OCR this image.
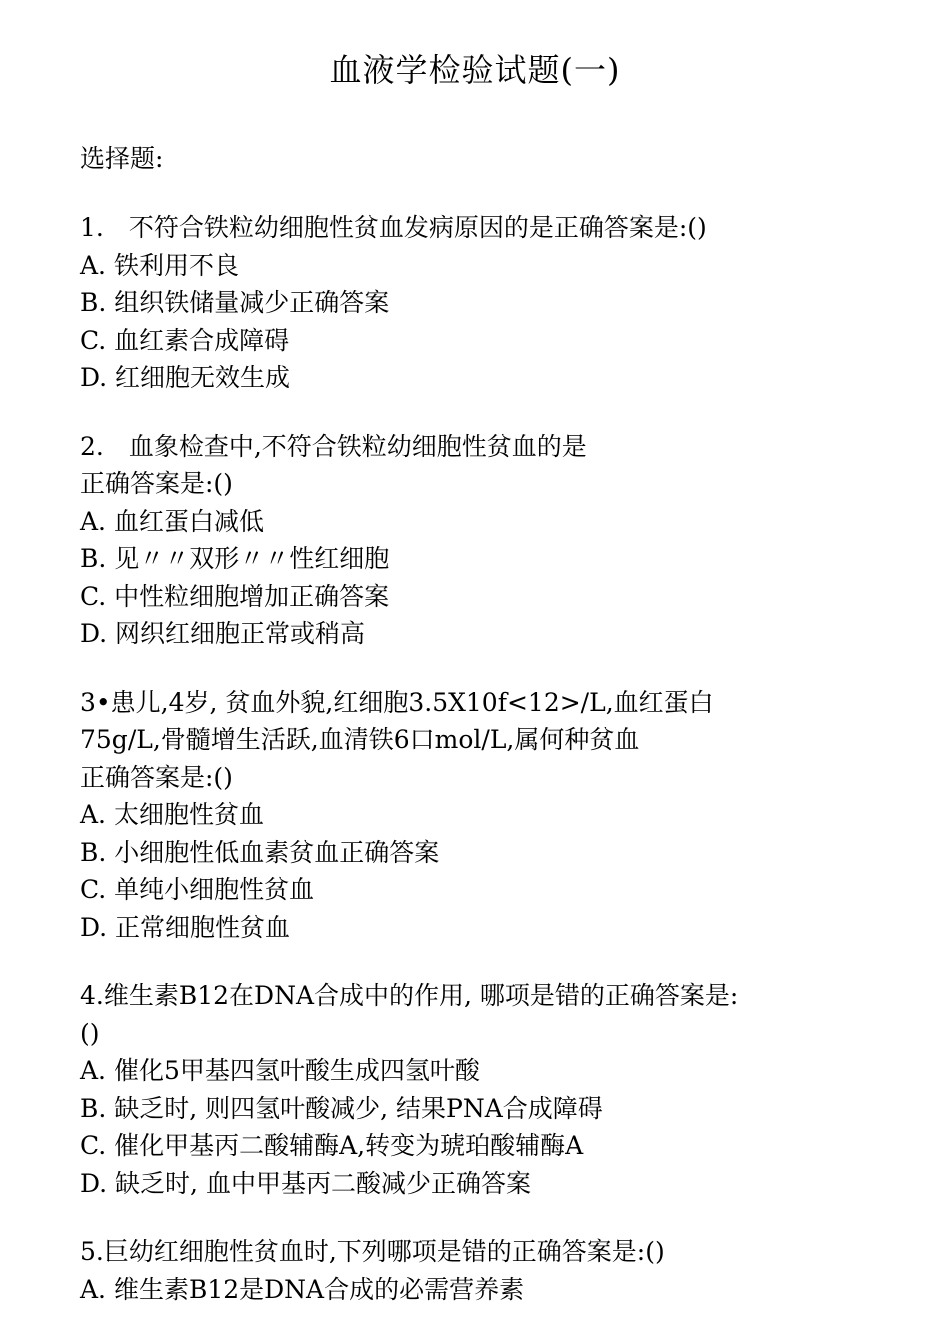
血液学检验试题(一)
选择题:
1.　不符合铁粒幼细胞性贫血发病原因的是正确答案是:()
A. 铁利用不良
B. 组织铁储量减少正确答案
C. 血红素合成障碍
D. 红细胞无效生成
2.　血象检查中,不符合铁粒幼细胞性贫血的是
正确答案是:()
A. 血红蛋白减低
B. 见〃〃双形〃〃性红细胞
C. 中性粒细胞增加正确答案
D. 网织红细胞正常或稍高
3•患儿,4岁, 贫血外貌,红细胞3.5X10f<12>/L,血红蛋白
75g/L,骨髓增生活跃,血清铁6口mol/L,属何种贫血
正确答案是:()
A. 太细胞性贫血
B. 小细胞性低血素贫血正确答案
C. 单纯小细胞性贫血
D. 正常细胞性贫血
4.维生素B12在DNA合成中的作用, 哪项是错的正确答案是:
()
A. 催化5甲基四氢叶酸生成四氢叶酸
B. 缺乏时, 则四氢叶酸减少, 结果PNA合成障碍
C. 催化甲基丙二酸辅酶A,转变为琥珀酸辅酶A
D. 缺乏时, 血中甲基丙二酸减少正确答案
5.巨幼红细胞性贫血时,下列哪项是错的正确答案是:()
A. 维生素B12是DNA合成的必需营养素
